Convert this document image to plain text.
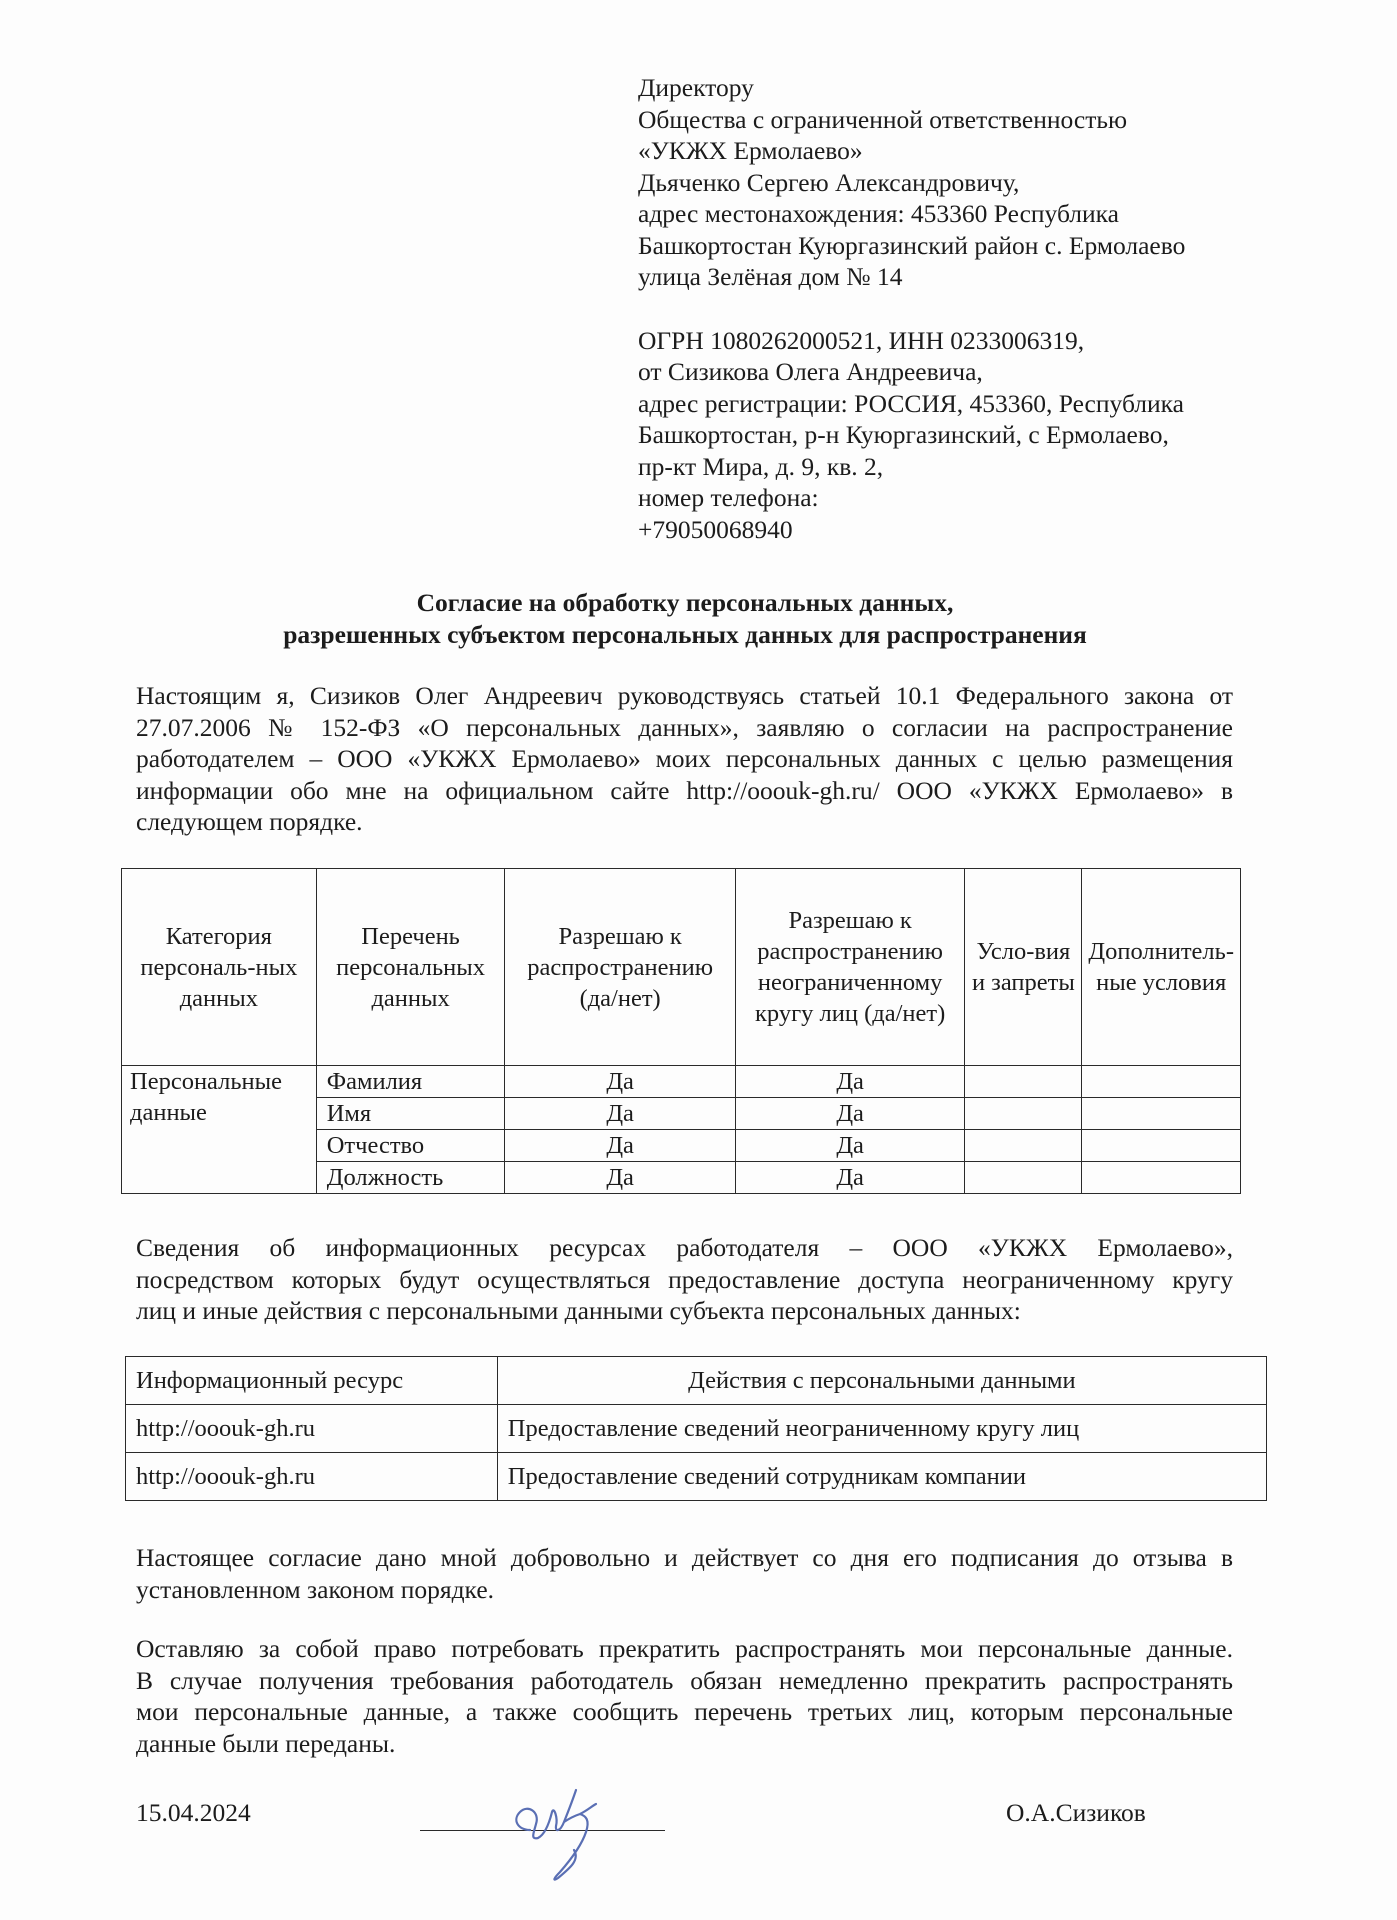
Директору
Общества с ограниченной ответственностью
«УКЖХ Ермолаево»
Дьяченко Сергею Александровичу,
адрес местонахождения: 453360 Республика
Башкортостан Куюргазинский район с. Ермолаево
улица Зелёная дом № 14
ОГРН 1080262000521, ИНН 0233006319,
от Сизикова Олега Андреевича,
адрес регистрации: РОССИЯ, 453360, Республика
Башкортостан, р-н Куюргазинский, с Ермолаево,
пр-кт Мира, д. 9, кв. 2,
номер телефона:
+79050068940
Согласие на обработку персональных данных,
разрешенных субъектом персональных данных для распространения
Настоящим я, Сизиков Олег Андреевич руководствуясь статьей 10.1 Федерального закона от
27.07.2006 № 152-ФЗ «О персональных данных», заявляю о согласии на распространение
работодателем – ООО «УКЖХ Ермолаево» моих персональных данных с целью размещения
информации обо мне на официальном сайте http://ooouk-gh.ru/ ООО «УКЖХ Ермолаево» в
следующем порядке.
Категория персональ-ных данных	Перечень персональных данных	Разрешаю к распространению (да/нет)	Разрешаю к распространению неограниченному кругу лиц (да/нет)	Усло-вия и запреты	Дополнитель-ные условия
Персональные данные	Фамилия	Да	Да		
	Имя	Да	Да		
	Отчество	Да	Да		
	Должность	Да	Да		
Сведения об информационных ресурсах работодателя – ООО «УКЖХ Ермолаево»,
посредством которых будут осуществляться предоставление доступа неограниченному кругу
лиц и иные действия с персональными данными субъекта персональных данных:
Информационный ресурс	Действия с персональными данными
http://ooouk-gh.ru	Предоставление сведений неограниченному кругу лиц
http://ooouk-gh.ru	Предоставление сведений сотрудникам компании
Настоящее согласие дано мной добровольно и действует со дня его подписания до отзыва в
установленном законом порядке.
Оставляю за собой право потребовать прекратить распространять мои персональные данные.
В случае получения требования работодатель обязан немедленно прекратить распространять
мои персональные данные, а также сообщить перечень третьих лиц, которым персональные
данные были переданы.
15.04.2024	О.А.Сизиков
